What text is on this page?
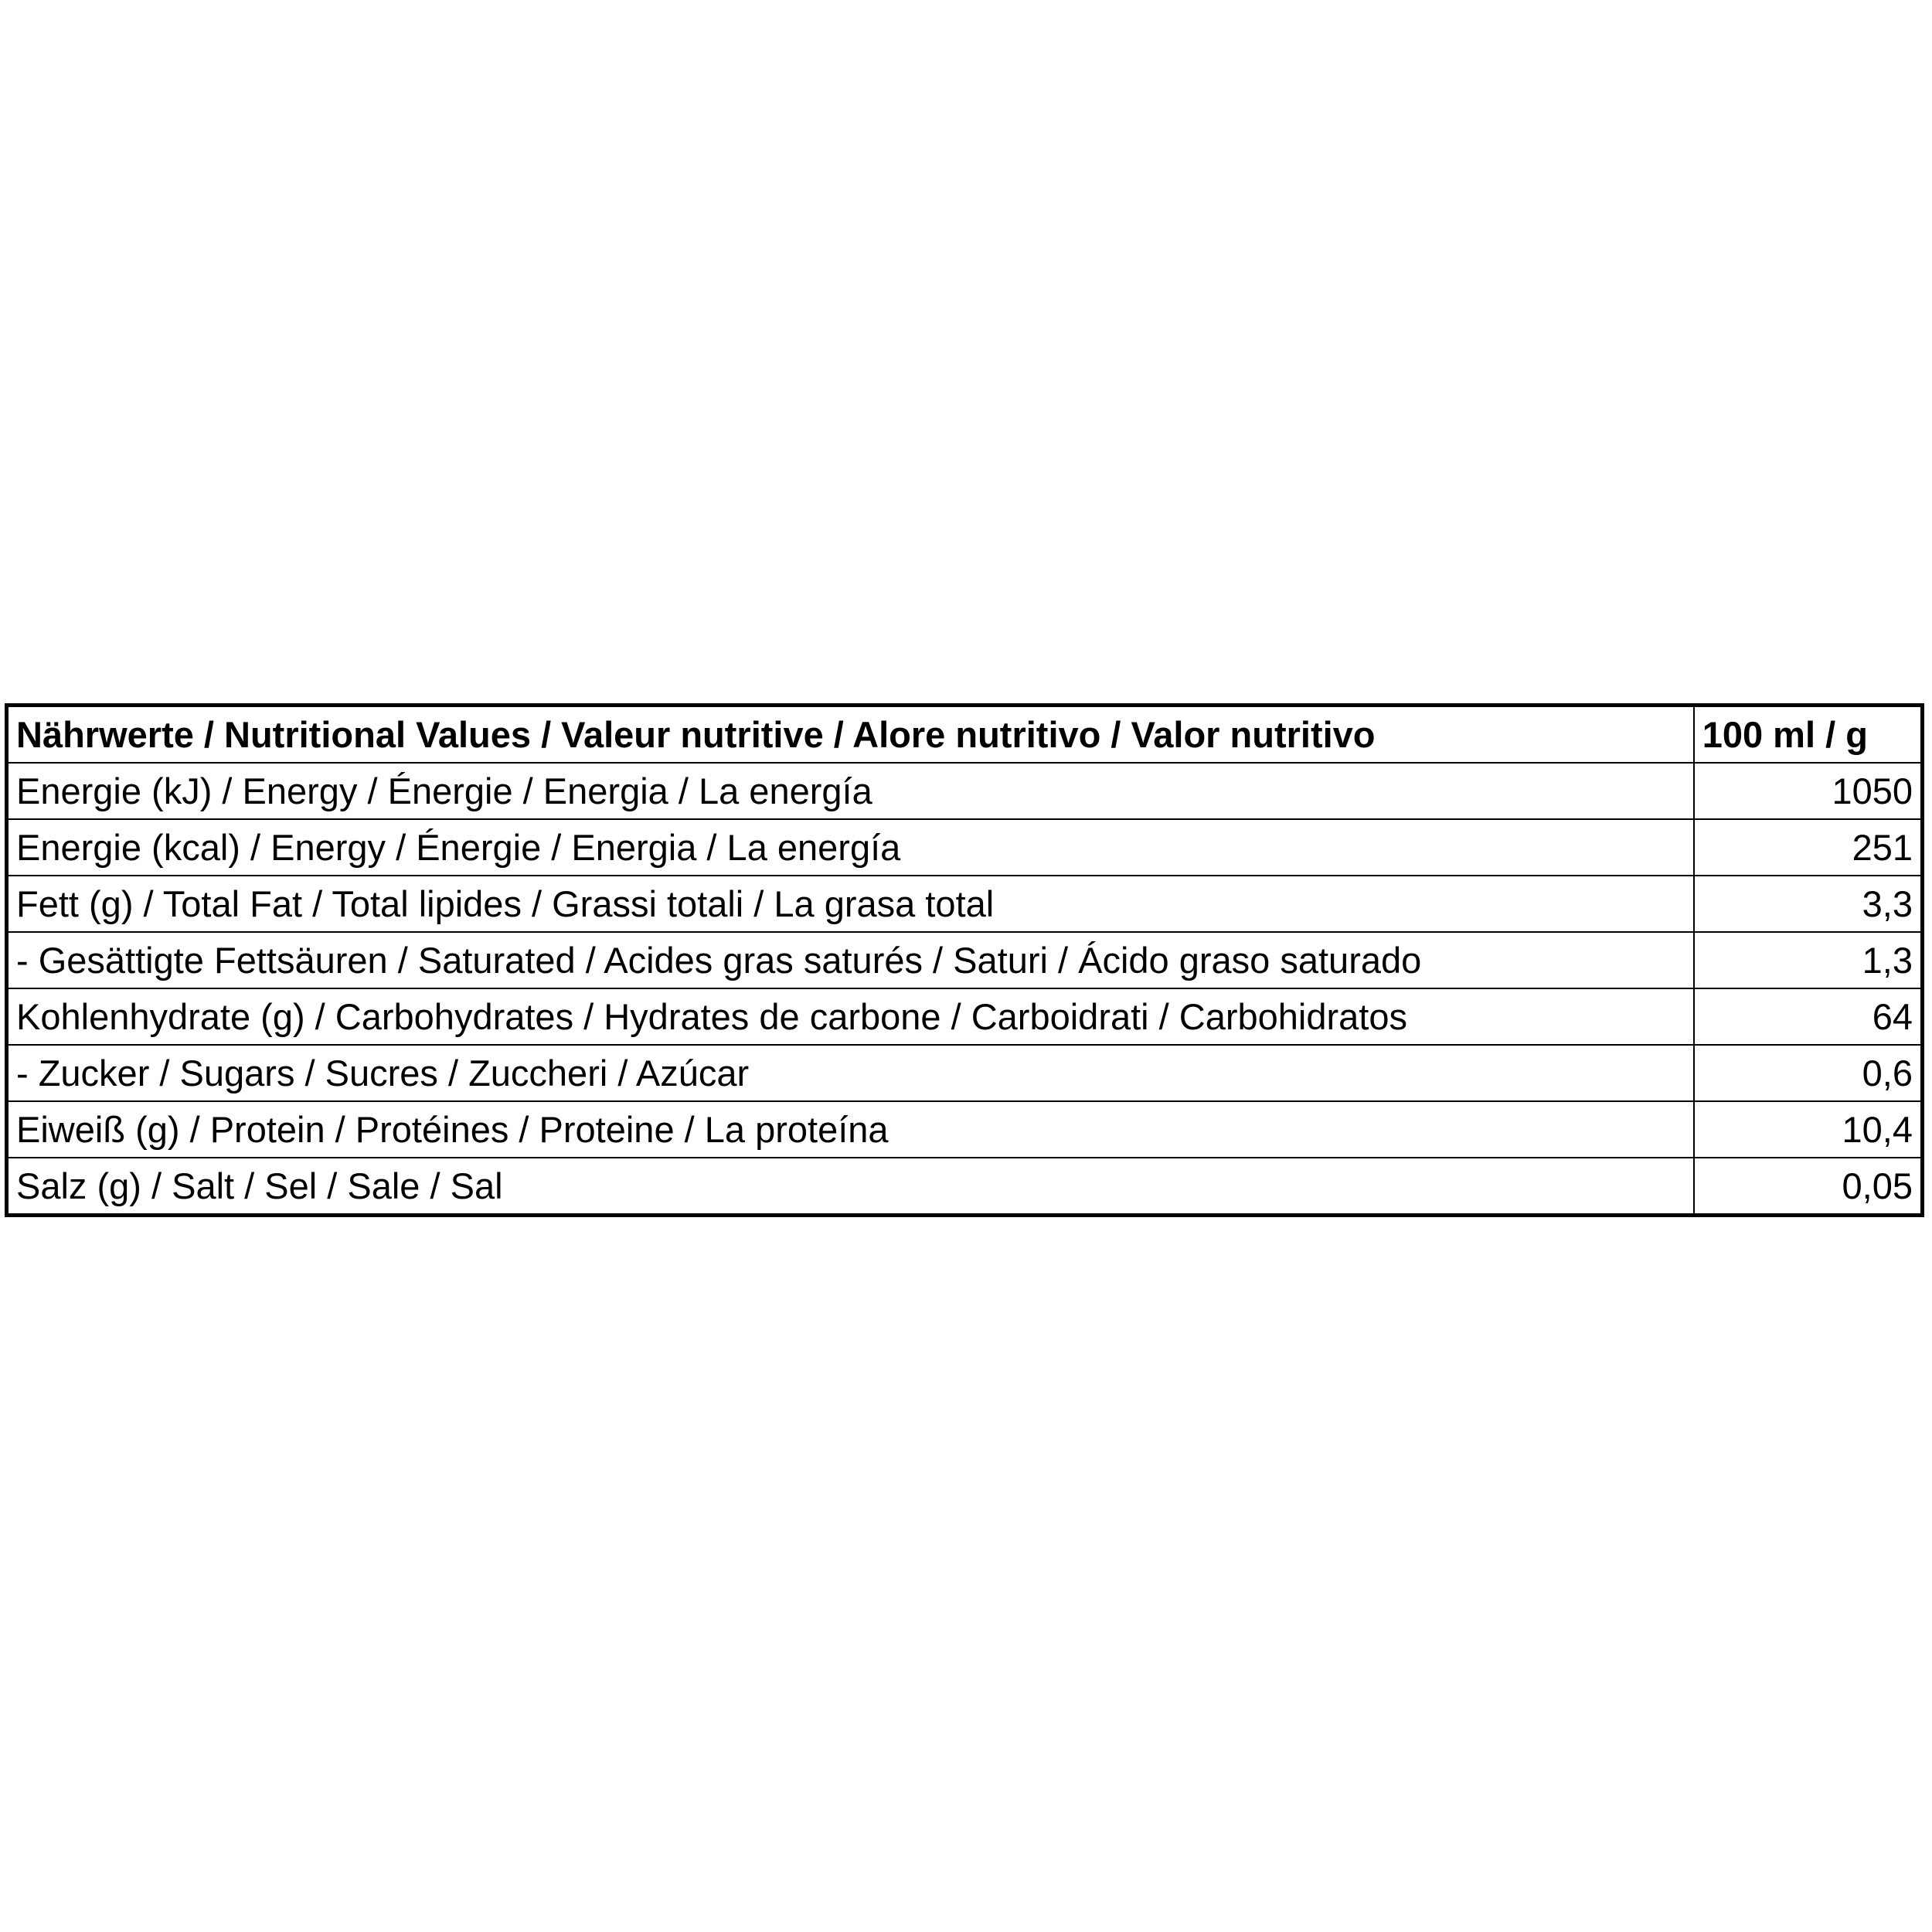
Nährwerte / Nutritional Values / Valeur nutritive / Alore nutritivo / Valor nutritivo	100 ml / g
Energie (kJ) / Energy / Énergie / Energia / La energía	1050
Energie (kcal) / Energy / Énergie / Energia / La energía	251
Fett (g) / Total Fat / Total lipides / Grassi totali / La grasa total	3,3
- Gesättigte Fettsäuren / Saturated / Acides gras saturés / Saturi / Ácido graso saturado	1,3
Kohlenhydrate (g) / Carbohydrates / Hydrates de carbone / Carboidrati / Carbohidratos	64
- Zucker / Sugars / Sucres / Zuccheri / Azúcar	0,6
Eiweiß (g) / Protein / Protéines / Proteine / La proteína	10,4
Salz (g) / Salt / Sel / Sale / Sal	0,05
